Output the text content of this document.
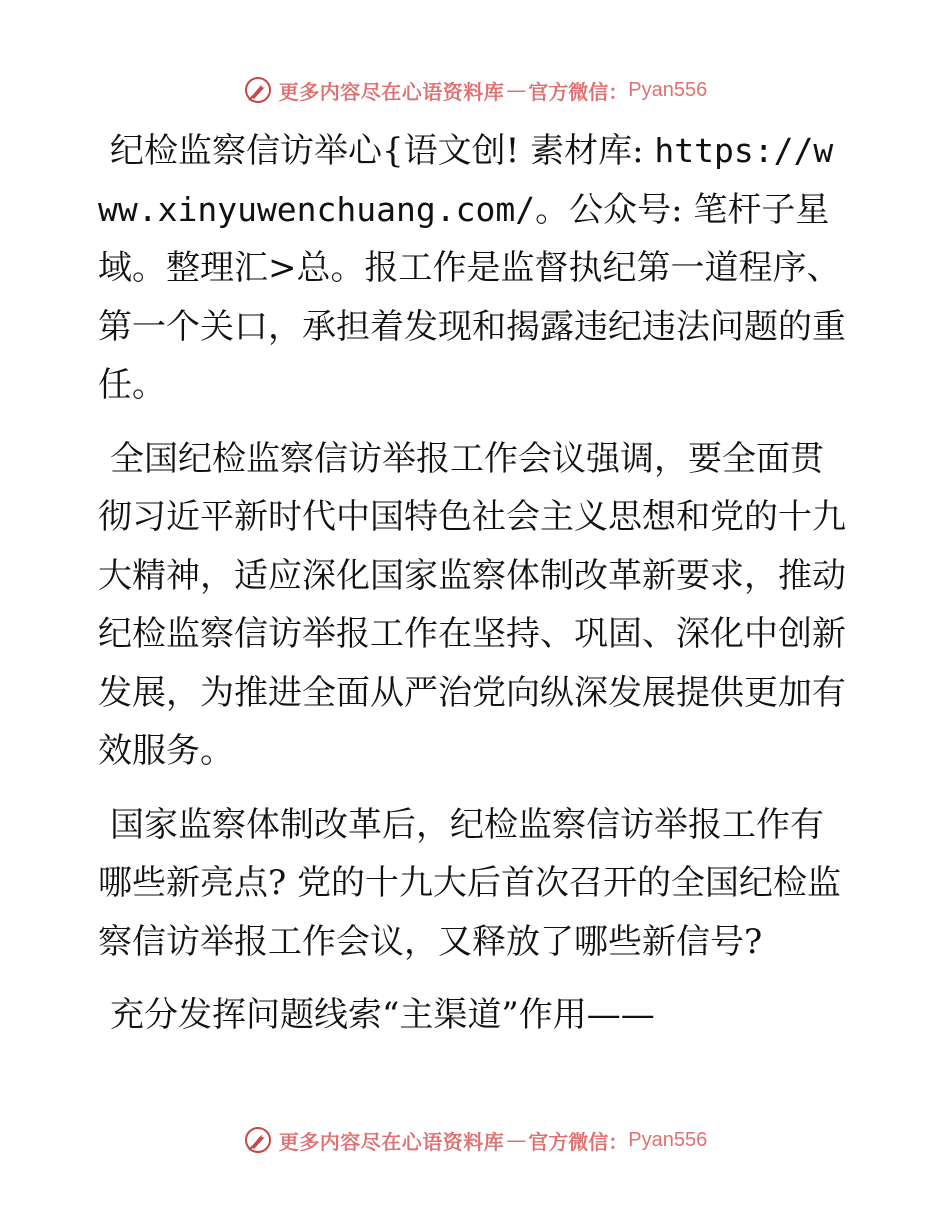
更多内容尽在心语资料库 — 官方微信： Pyan556

纪检监察信访举心{语文创! 素材库: https://www.xinyuwenchuang.com/。公众号: 笔杆子星域。整理汇>总。报工作是监督执纪第一道程序、第一个关口，承担着发现和揭露违纪违法问题的重任。

全国纪检监察信访举报工作会议强调，要全面贯彻习近平新时代中国特色社会主义思想和党的十九大精神，适应深化国家监察体制改革新要求，推动纪检监察信访举报工作在坚持、巩固、深化中创新发展，为推进全面从严治党向纵深发展提供更加有效服务。

国家监察体制改革后，纪检监察信访举报工作有哪些新亮点? 党的十九大后首次召开的全国纪检监察信访举报工作会议，又释放了哪些新信号?

充分发挥问题线索“主渠道”作用——

更多内容尽在心语资料库 — 官方微信： Pyan556
